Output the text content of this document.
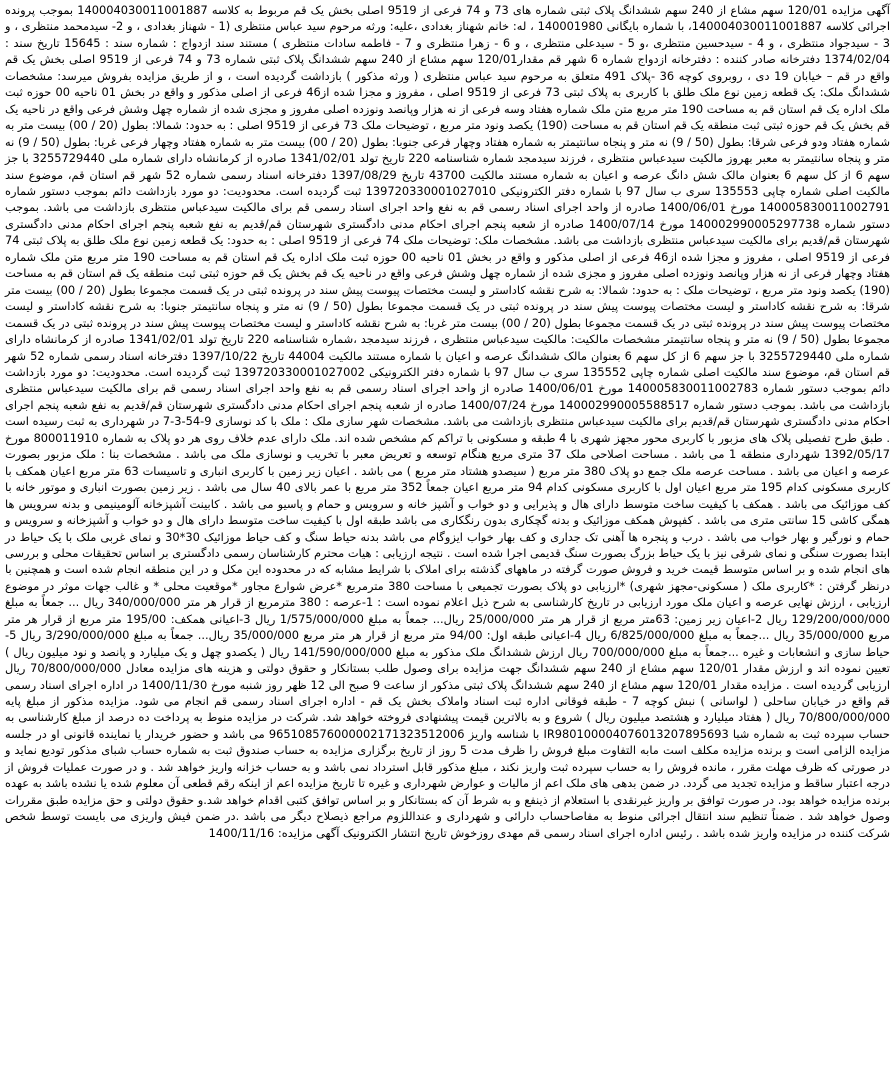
آگهی مزایده 120/01 سهم مشاع از 240 سهم ششدانگ پلاک ثبتی شماره های 73 و 74 فرعی از 9519 اصلی بخش یک قم مربوط به کلاسه 140004030011001887 بموجب پرونده اجرائی کلاسه 140004030011001887، با شماره بایگانی 140001980 ، له: خانم شهناز بغدادی ،علیه: ورثه مرحوم سید عباس منتظری (1 - شهناز بغدادی ، و 2- سیدمحمد منتظری ، و 3 - سیدجواد منتظری ، و 4 - سیدحسین منتظری ،و 5 - سیدعلی منتظری ، و 6 - زهرا منتظری و 7 - فاطمه سادات منتظری ) مستند سند ازدواج : شماره سند : 15645 تاریخ سند : 1374/02/04 دفترخانه صادر کننده : دفترخانه ازدواج شماره 6 شهر قم مقدار120/01 سهم مشاع از 240 سهم ششدانگ پلاک ثبتی شماره 73 و 74 فرعی از 9519 اصلی بخش یک قم واقع در قم – خیابان 19 دی ، روبروی کوچه 36 -پلاک 491 متعلق به مرحوم سید عباس منتظری ( ورثه مذکور ) بازداشت گردیده است ، و از طریق مزایده بفروش میرسد: مشخصات ششدانگ ملک: یک قطعه زمین نوع ملک طلق با کاربری به پلاک ثبتی 73 فرعی از 9519 اصلی ، مفروز و مجزا شده از46 فرعی از اصلی مذکور و واقع در بخش 01 ناحیه 00 حوزه ثبت ملک اداره یک قم استان قم به مساحت 190 متر مربع متن ملک شماره هفتاد وسه فرعی از نه هزار وپانصد ونوزده اصلی مفروز و مجزی شده از شماره چهل وشش فرعی واقع در ناحیه یک قم بخش یک قم حوزه ثبتی ثبت منطقه یک قم استان قم به مساحت (190) یکصد ونود متر مربع ، توضیحات ملک 73 فرعی از 9519 اصلی : به حدود: شمالا: بطول (20 / 00) بیست متر به شماره هفتاد ودو فرعی شرقا: بطول (50 / 9) نه متر و پنجاه سانتیمتر به شماره هفتاد وچهار فرعی جنوبا: بطول (20 / 00) بیست متر به شماره هفتاد وچهار فرعی غربا: بطول (50 / 9) نه متر و پنجاه سانتیمتر به معبر بهروز مالکیت سیدعباس منتظری ، فرزند سیدمجد شماره شناسنامه 220 تاریخ تولد 1341/02/01 صادره از کرمانشاه دارای شماره ملی 3255729440 با جز سهم 6 از کل سهم 6 بعنوان مالک شش دانگ عرصه و اعیان به شماره مستند مالکیت 43700 تاریخ 1397/08/29 دفترخانه اسناد رسمی شماره 52 شهر قم استان قم، موضوع سند مالکیت اصلی شماره چاپی 135553 سری ب سال 97 با شماره دفتر الکترونیکی 139720330001027010 ثبت گردیده است. محدودیت: دو مورد بازداشت دائم بموجب دستور شماره 140005830011002791 مورخ 1400/06/01 صادره از واحد اجرای اسناد رسمی قم به نفع واحد اجرای اسناد رسمی قم برای مالکیت سیدعباس منتظری بازداشت می باشد. بموجب دستور شماره 140002990005297738 مورخ 1400/07/14 صادره از شعبه پنجم اجرای احکام مدنی دادگستری شهرستان قم/قدیم به نفع شعبه پنجم اجرای احکام مدنی دادگستری شهرستان قم/قدیم برای مالکیت سیدعباس منتظری بازداشت می باشد. مشخصات ملک: توضیحات ملک 74 فرعی از 9519 اصلی : به حدود: یک قطعه زمین نوع ملک طلق به پلاک ثبتی 74 فرعی از 9519 اصلی ، مفروز و مجزا شده از46 فرعی از اصلی مذکور و واقع در بخش 01 ناحیه 00 حوزه ثبت ملک اداره یک قم استان قم به مساحت 190 متر مربع متن ملک شماره هفتاد وچهار فرعی از نه هزار وپانصد ونوزده اصلی مفروز و مجزی شده از شماره چهل وشش فرعی واقع در ناحیه یک قم بخش یک قم حوزه ثبتی ثبت منطقه یک قم استان قم به مساحت (190) یکصد ونود متر مربع ، توضیحات ملک : به حدود: شمالا: به شرح نقشه کاداستر و لیست مختصات پیوست پیش سند در پرونده ثبتی در یک قسمت مجموعا بطول (20 / 00) بیست متر شرقا: به شرح نقشه کاداستر و لیست مختصات پیوست پیش سند در پرونده ثبتی در یک قسمت مجموعا بطول (50 / 9) نه متر و پنجاه سانتیمتر جنوبا: به شرح نقشه کاداستر و لیست مختصات پیوست پیش سند در پرونده ثبتی در یک قسمت مجموعا بطول (20 / 00) بیست متر غربا: به شرح نقشه کاداستر و لیست مختصات پیوست پیش سند در پرونده ثبتی در یک قسمت مجموعا بطول (50 / 9) نه متر و پنجاه سانتیمتر مشخصات مالکیت: مالکیت سیدعباس منتظری ، فرزند سیدمجد ،شماره شناسنامه 220 تاریخ تولد 1341/02/01 صادره از کرمانشاه دارای شماره ملی 3255729440 با جز سهم 6 از کل سهم 6 بعنوان مالک ششدانگ عرصه و اعیان با شماره مستند مالکیت 44004 تاریخ 1397/10/22 دفترخانه اسناد رسمی شماره 52 شهر قم استان قم، موضوع سند مالکیت اصلی شماره چاپی 135552 سری ب سال 97 با شماره دفتر الکترونیکی 139720330001027002 ثبت گردیده است. محدودیت: دو مورد بازداشت دائم بموجب دستور شماره 140005830011002783 مورخ 1400/06/01 صادره از واحد اجرای اسناد رسمی قم به نفع واحد اجرای اسناد رسمی قم برای مالکیت سیدعباس منتظری بازداشت می باشد. بموجب دستور شماره 140002990005588517 مورخ 1400/07/24 صادره از شعبه پنجم اجرای احکام مدنی دادگستری شهرستان قم/قدیم به نفع شعبه پنجم اجرای احکام مدنی دادگستری شهرستان قم/قدیم برای مالکیت سیدعباس منتظری بازداشت می باشد. مشخصات شهر سازی ملک : ملک با کد نوسازی 9-54-3-7 در شهرداری به ثبت رسیده است . طبق طرح تفصیلی پلاک های مزبور با کاربری محور مجهز شهری با 4 طبقه و مسکونی با تراکم کم مشخص شده اند. ملک دارای عدم خلاف روی هر دو پلاک به شماره 800011910 مورخ 1392/05/17 شهرداری منطقه 1 می باشد . مساحت اصلاحی ملک 37 متری مربع هنگام توسعه و تعریض معبر با تخریب و نوسازی ملک می باشد . مشخصات بنا : ملک مزبور بصورت عرصه و اعیان می باشد . مساحت عرصه ملک جمع دو پلاک 380 متر مربع ( سیصدو هشتاد متر مربع ) می باشد . اعیان زیر زمین با کاربری انباری و تاسیسات 63 متر مربع اعیان همکف با کاربری مسکونی کدام 195 متر مربع اعیان اول با کاربری مسکونی کدام 94 متر مربع اعیان جمعاً 352 متر مربع با عمر بالای 40 سال می باشد . زیر زمین بصورت انباری و موتور خانه با کف موزائیک می باشد . همکف با کیفیت ساخت متوسط دارای هال و پذیرایی و دو خواب و آشپز خانه و سرویس و حمام و پاسیو می باشد . کابینت آشپزخانه آلومینیمی و بدنه سرویس ها همگی کاشی 15 سانتی متری می باشد . کفپوش همکف موزائیک و بدنه گچکاری بدون رنگکاری می باشد طبقه اول با کیفیت ساخت متوسط دارای هال و دو خواب و آشپزخانه و سرویس و حمام و نورگیر و بهار خواب می باشد . درب و پنجره ها آهنی تک جداری و کف بهار خواب ایزوگام می باشد بدنه حیاط سنگ و کف حیاط موزائیک 30*30 و نمای غربی ملک با یک حیاط در ابتدا بصورت سنگی و نمای شرقی نیز با یک حیاط بزرگ بصورت سنگ قدیمی اجرا شده است . نتیجه ارزیابی : هیات محترم کارشناسان رسمی دادگستری بر اساس تحقیقات محلی و بررسی های انجام شده و بر اساس متوسط قیمت خرید و فروش صورت گرفته در ماههای گذشته برای املاک با شرایط مشابه که در محدوده این مکل و در این منطقه انجام شده است و همچنین با درنظر گرفتن : *کاربری ملک ( مسکونی-مجهز شهری) *ارزیابی دو پلاک بصورت تجمیعی با مساحت 380 مترمربع *عرض شوارع مجاور *موقعیت محلی * و غالب جهات موثر در موضوع ارزیابی ، ارزش نهایی عرصه و اعیان ملک مورد ارزیابی در تاریخ کارشناسی به شرح ذیل اعلام نموده است : 1-عرصه : 380 مترمربع از قرار هر متر 340/000/000 ریال ... جمعاً به مبلغ 129/200/000/000 ریال 2-اعیان زیر زمین: 63متر مربع از قرار هر متر 25/000/000 ریال... جمعاً به مبلغ 1/575/000/000 ریال 3-اعیانی همکف: 195/00 متر مربع از قرار هر متر مربع 35/000/000 ریال ...جمعاً به مبلغ 6/825/000/000 ریال 4-اعیانی طبقه اول: 94/00 متر مربع از قرار هر متر مربع 35/000/000 ریال... جمعاً به مبلغ 3/290/000/000 ریال 5- حیاط سازی و انشعابات و غیره ...جمعاً به مبلغ 700/000/000 ریال ارزش ششدانگ ملک مذکور به مبلغ 141/590/000/000 ریال ( یکصدو چهل و یک میلیارد و پانصد و نود میلیون ریال ) تعیین نموده اند و ارزش مقدار 120/01 سهم مشاع از 240 سهم ششدانگ جهت مزایده برای وصول طلب بستانکار و حقوق دولتی و هزینه های مزایده معادل 70/800/000/000 ریال ارزیابی گردیده است . مزایده مقدار 120/01 سهم مشاع از 240 سهم ششدانگ پلاک ثبتی مذکور از ساعت 9 صبح الی 12 ظهر روز شنبه مورخ 1400/11/30 در اداره اجرای اسناد رسمی قم واقع در خیابان ساحلی ( لواسانی ) نبش کوچه 7 - طبقه فوقانی اداره ثبت اسناد واملاک بخش یک قم - اداره اجرای اسناد رسمی قم انجام می شود. مزایده مذکور از مبلغ پایه 70/800/000/000 ریال ( هفتاد میلیارد و هشتصد میلیون ریال ) شروع و به بالاترین قیمت پیشنهادی فروخته خواهد شد. شرکت در مزایده منوط به پرداخت ده درصد از مبلغ کارشناسی به حساب سپرده ثبت به شماره شبا IR980100004076013207895693 با شناسه واریز 965108576000002171323512006 می باشد و حضور خریدار یا نماینده قانونی او در جلسه مزایده الزامی است و برنده مزایده مکلف است مابه التفاوت مبلغ فروش را ظرف مدت 5 روز از تاریخ برگزاری مزایده به حساب صندوق ثبت به شماره حساب شبای مذکور تودیع نماید و در صورتی که ظرف مهلت مقرر ، مانده فروش را به حساب سپرده ثبت واریز نکند ، مبلغ مذکور قابل استرداد نمی باشد و به حساب خزانه واریز خواهد شد . و در صورت عملیات فروش از درجه اعتبار ساقط و مزایده تجدید می گردد. در ضمن بدهی های ملک اعم از مالیات و عوارض شهرداری و غیره تا تاریخ مزایده اعم از اینکه رقم قطعی آن معلوم شده یا نشده باشد به عهده برنده مزایده خواهد بود. در صورت توافق بر واریز غیرنقدی با استعلام از ذینفع و به شرط آن که بستانکار و بر اساس توافق کتبی اقدام خواهد شد.و حقوق دولتی و حق مزایده طبق مقررات وصول خواهد شد . ضمناً تنظیم سند انتقال اجرائی منوط به مفاصاحساب دارائی و شهرداری و عنداللزوم مراجع ذیصلاح دیگر می باشد .در ضمن فیش واریزی می بایست توسط شخص شرکت کننده در مزایده واریز شده باشد . رئیس اداره اجرای اسناد رسمی قم مهدی روزخوش تاریخ انتشار الکترونیک آگهی مزایده: 1400/11/16
